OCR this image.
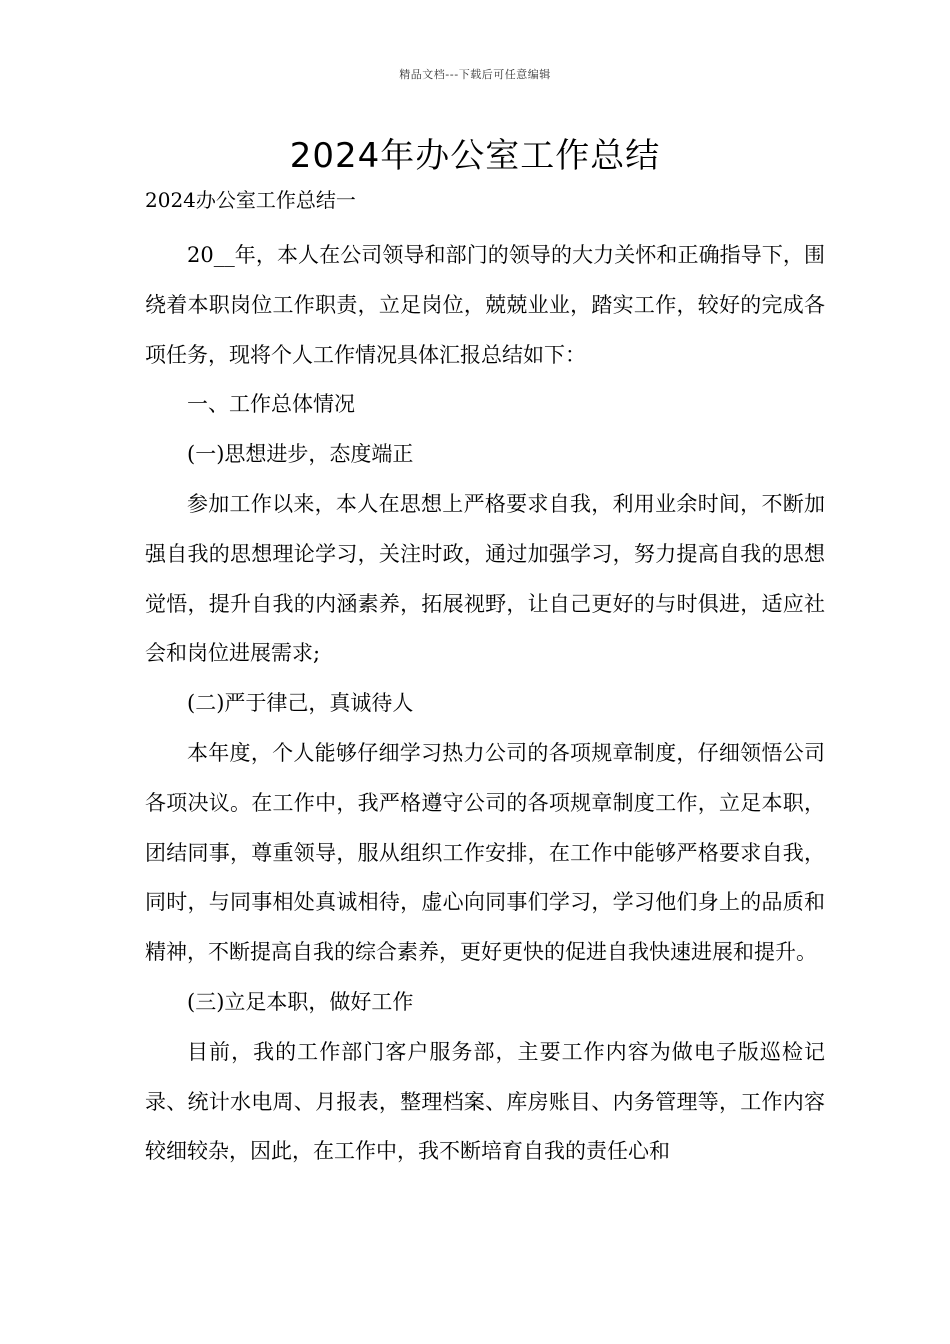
精品文档---下载后可任意编辑
2024年办公室工作总结

2024办公室工作总结一

20__年，本人在公司领导和部门的领导的大力关怀和正确指导下，围绕着本职岗位工作职责，立足岗位，兢兢业业，踏实工作，较好的完成各项任务，现将个人工作情况具体汇报总结如下：

一、工作总体情况

(一)思想进步，态度端正

参加工作以来，本人在思想上严格要求自我，利用业余时间，不断加强自我的思想理论学习，关注时政，通过加强学习，努力提高自我的思想觉悟，提升自我的内涵素养，拓展视野，让自己更好的与时俱进，适应社会和岗位进展需求;

(二)严于律己，真诚待人

本年度，个人能够仔细学习热力公司的各项规章制度，仔细领悟公司各项决议。在工作中，我严格遵守公司的各项规章制度工作，立足本职，团结同事，尊重领导，服从组织工作安排，在工作中能够严格要求自我，同时，与同事相处真诚相待，虚心向同事们学习，学习他们身上的品质和精神，不断提高自我的综合素养，更好更快的促进自我快速进展和提升。

(三)立足本职，做好工作

目前，我的工作部门客户服务部，主要工作内容为做电子版巡检记录、统计水电周、月报表，整理档案、库房账目、内务管理等，工作内容较细较杂，因此，在工作中，我不断培育自我的责任心和
